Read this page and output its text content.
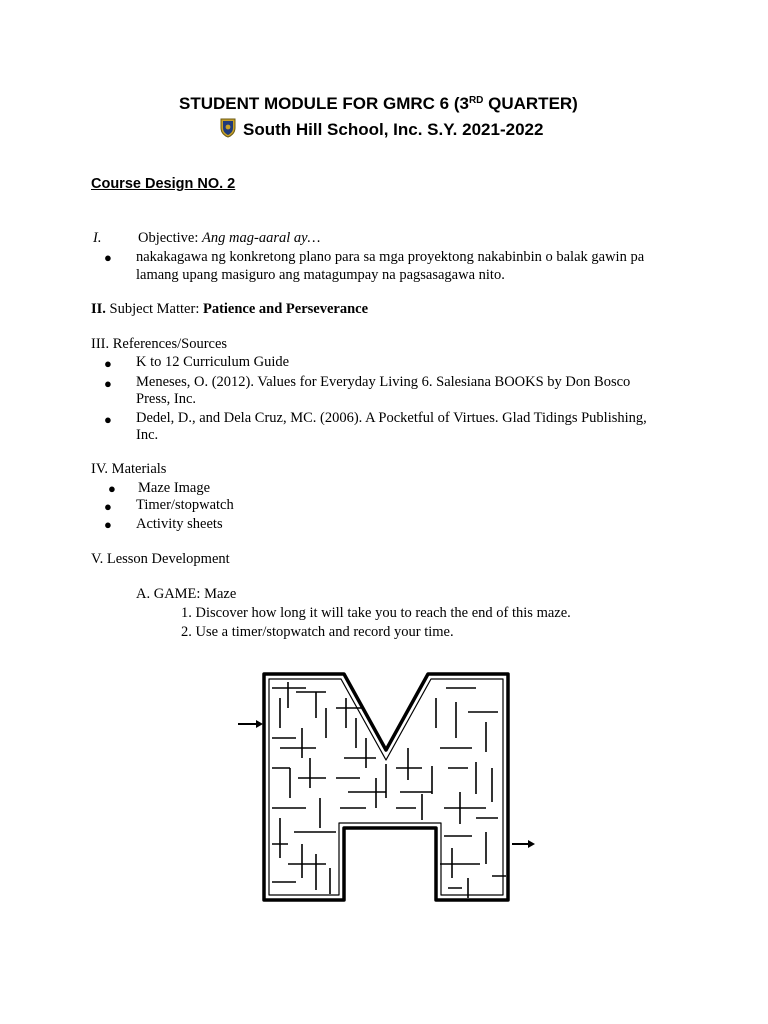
STUDENT MODULE FOR GMRC 6 (3RD QUARTER)
South Hill School, Inc. S.Y. 2021-2022
Course Design NO. 2
I.	Objective: Ang mag-aaral ay…
● nakakagawa ng konkretong plano para sa mga proyektong nakabinbin o balak gawin pa
lamang upang masiguro ang matagumpay na pagsasagawa nito.
II. Subject Matter: Patience and Perseverance
III. References/Sources
● K to 12 Curriculum Guide
● Meneses, O. (2012). Values for Everyday Living 6. Salesiana BOOKS by Don Bosco
Press, Inc.
● Dedel, D., and Dela Cruz, MC. (2006). A Pocketful of Virtues. Glad Tidings Publishing,
Inc.
IV. Materials
● Maze Image
● Timer/stopwatch
● Activity sheets
V. Lesson Development
A. GAME: Maze
1. Discover how long it will take you to reach the end of this maze.
2. Use a timer/stopwatch and record your time.
